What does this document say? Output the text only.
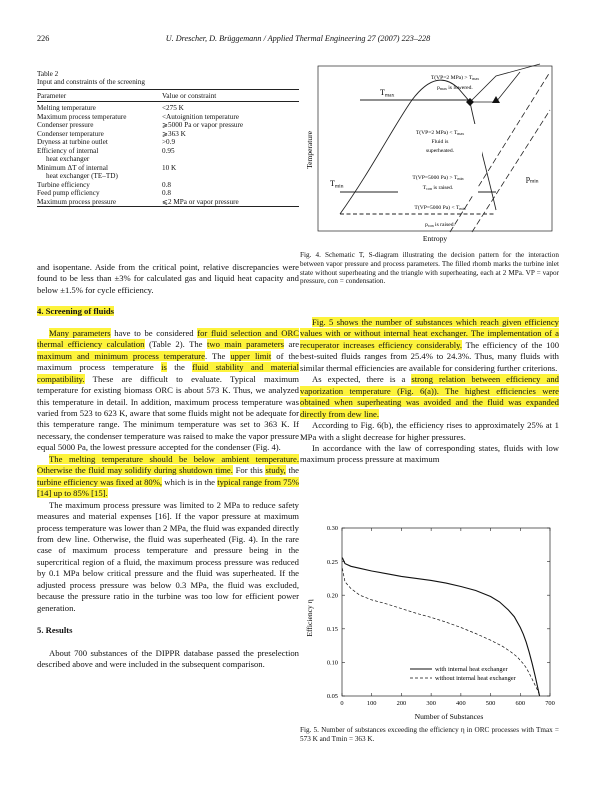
226	U. Drescher, D. Brüggemann / Applied Thermal Engineering 27 (2007) 223–228

Table 2

Input and constraints of the screening

Parameter	Value or constraint
Melting temperature	<275 K
Maximum process temperature	<Autoignition temperature
Condenser pressure	⩾5000 Pa or vapor pressure
Condenser temperature	⩾363 K
Dryness at turbine outlet	>0.9
Efficiency of internal
heat exchanger	0.95
Minimum ΔT of internal
heat exchanger (TE–TD)	10 K
Turbine efficiency	0.8
Feed pump efficiency	0.8
Maximum process pressure	⩽2 MPa or vapor pressure
Temperature
Entropy
Tmax
Tmin
pmin
T(VP=2 MPa) > Tmax
pmax is lowered.
T(VP=2 MPa) < Tmax
Fluid is
superheated.
T(VP=5000 Pa) > Tmin
Tcon is raised.
T(VP=5000 Pa) < Tmin
pcon is raised.
Fig. 4. Schematic T, S-diagram illustrating the decision pattern for the interaction between vapor pressure and process parameters. The filled rhomb marks the turbine inlet state without superheating and the triangle with superheating, each at 2 MPa. VP = vapor pressure, con = condensation.

and isopentane. Aside from the critical point, relative discrepancies were found to be less than ±3% for calculated gas and liquid heat capacity and below ±1.5% for cycle efficiency.

4. Screening of fluids

Many parameters have to be considered for fluid selection and ORC thermal efficiency calculation (Table 2). The two main parameters are maximum and minimum process temperature. The upper limit of the maximum process temperature is the fluid stability and material compatibility. These are difficult to evaluate. Typical maximum temperature for existing biomass ORC is about 573 K. Thus, we analyzed this temperature in detail. In addition, maximum process temperature was varied from 523 to 623 K, aware that some fluids might not be adequate for this temperature range. The minimum temperature was set to 363 K. If necessary, the condenser temperature was raised to make the vapor pressure equal 5000 Pa, the lowest pressure accepted for the condenser (Fig. 4).

The melting temperature should be below ambient temperature. Otherwise the fluid may solidify during shutdown time. For this study, the turbine efficiency was fixed at 80%, which is in the typical range from 75% [14] up to 85% [15].

The maximum process pressure was limited to 2 MPa to reduce safety measures and material expenses [16]. If the vapor pressure at maximum process temperature was lower than 2 MPa, the fluid was expanded directly from dew line. Otherwise, the fluid was superheated (Fig. 4). In the rare case of maximum process temperature and pressure being in the supercritical region of a fluid, the maximum process pressure was reduced by 0.1 MPa below critical pressure and the fluid was superheated. If the adjusted process pressure was below 0.3 MPa, the fluid was excluded, because the pressure ratio in the turbine was too low for efficient power generation.

5. Results

About 700 substances of the DIPPR database passed the preselection described above and were included in the subsequent comparison.

Fig. 5 shows the number of substances which reach given efficiency values with or without internal heat exchanger. The implementation of a recuperator increases efficiency considerably. The efficiency of the 100 best-suited fluids ranges from 25.4% to 24.3%. Thus, many fluids with similar thermal efficiencies are available for considering further criterions.

As expected, there is a strong relation between efficiency and vaporization temperature (Fig. 6(a)). The highest efficiencies were obtained when superheating was avoided and the fluid was expanded directly from dew line.

According to Fig. 6(b), the efficiency rises to approximately 25% at 1 MPa with a slight decrease for higher pressures.

In accordance with the law of corresponding states, fluids with low maximum process pressure at maximum

Efficiency η
Number of Substances
0	100	200	300	400	500	600	700
0.05
0.10
0.15
0.20
0.25
0.30
with internal heat exchanger
without internal heat exchanger
Fig. 5. Number of substances exceeding the efficiency η in ORC processes with Tmax = 573 K and Tmin = 363 K.
